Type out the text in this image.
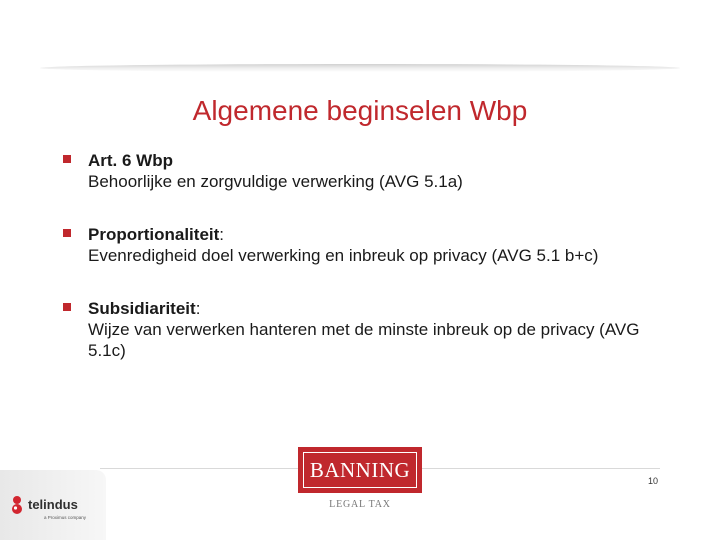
Algemene beginselen Wbp
Art. 6 Wbp
Behoorlijke en zorgvuldige verwerking (AVG 5.1a)
Proportionaliteit:
Evenredigheid doel verwerking en inbreuk op privacy (AVG 5.1 b+c)
Subsidiariteit:
Wijze van verwerken hanteren met de minste inbreuk op de privacy (AVG 5.1c)
10
BANNING
LEGAL TAX
telindus
a Proximus company
